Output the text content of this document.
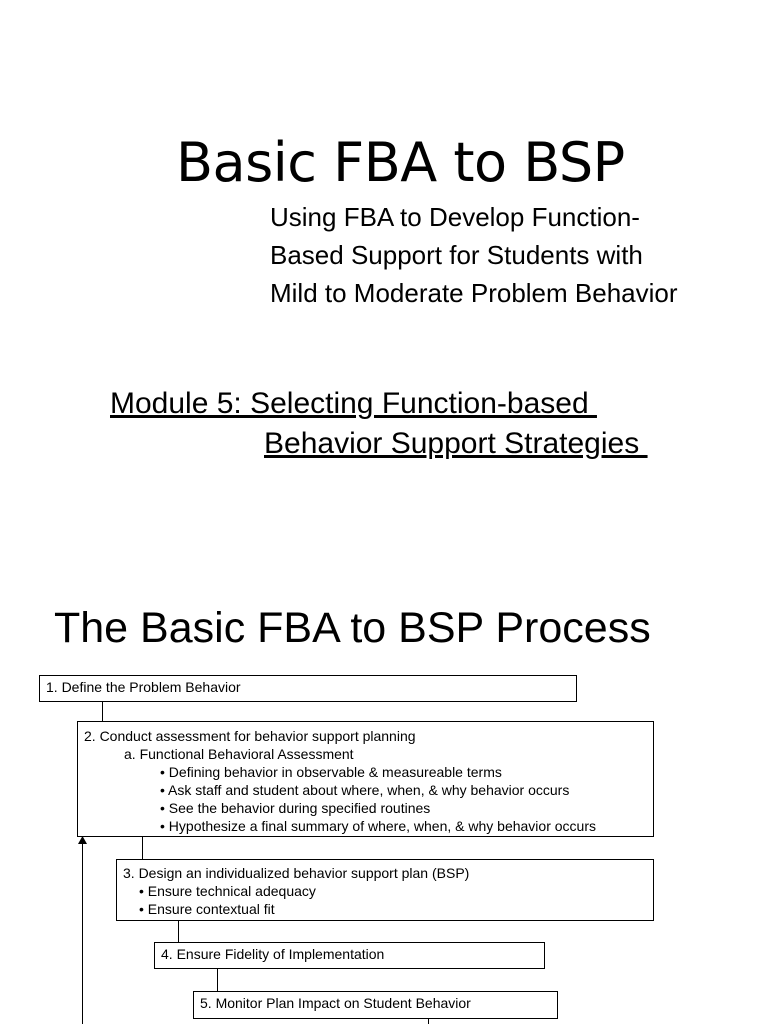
Basic FBA to BSP
Using FBA to Develop Function-
Based Support for Students with
Mild to Moderate Problem Behavior
Module 5: Selecting Function-based
Behavior Support Strategies
The Basic FBA to BSP Process
1. Define the Problem Behavior
2. Conduct assessment for behavior support planning
a. Functional Behavioral Assessment
• Defining behavior in observable & measureable terms
• Ask staff and student about where, when, & why behavior occurs
• See the behavior during specified routines
• Hypothesize a final summary of where, when, & why behavior occurs
3. Design an individualized behavior support plan (BSP)
• Ensure technical adequacy
• Ensure contextual fit
4. Ensure Fidelity of Implementation
5. Monitor Plan Impact on Student Behavior
